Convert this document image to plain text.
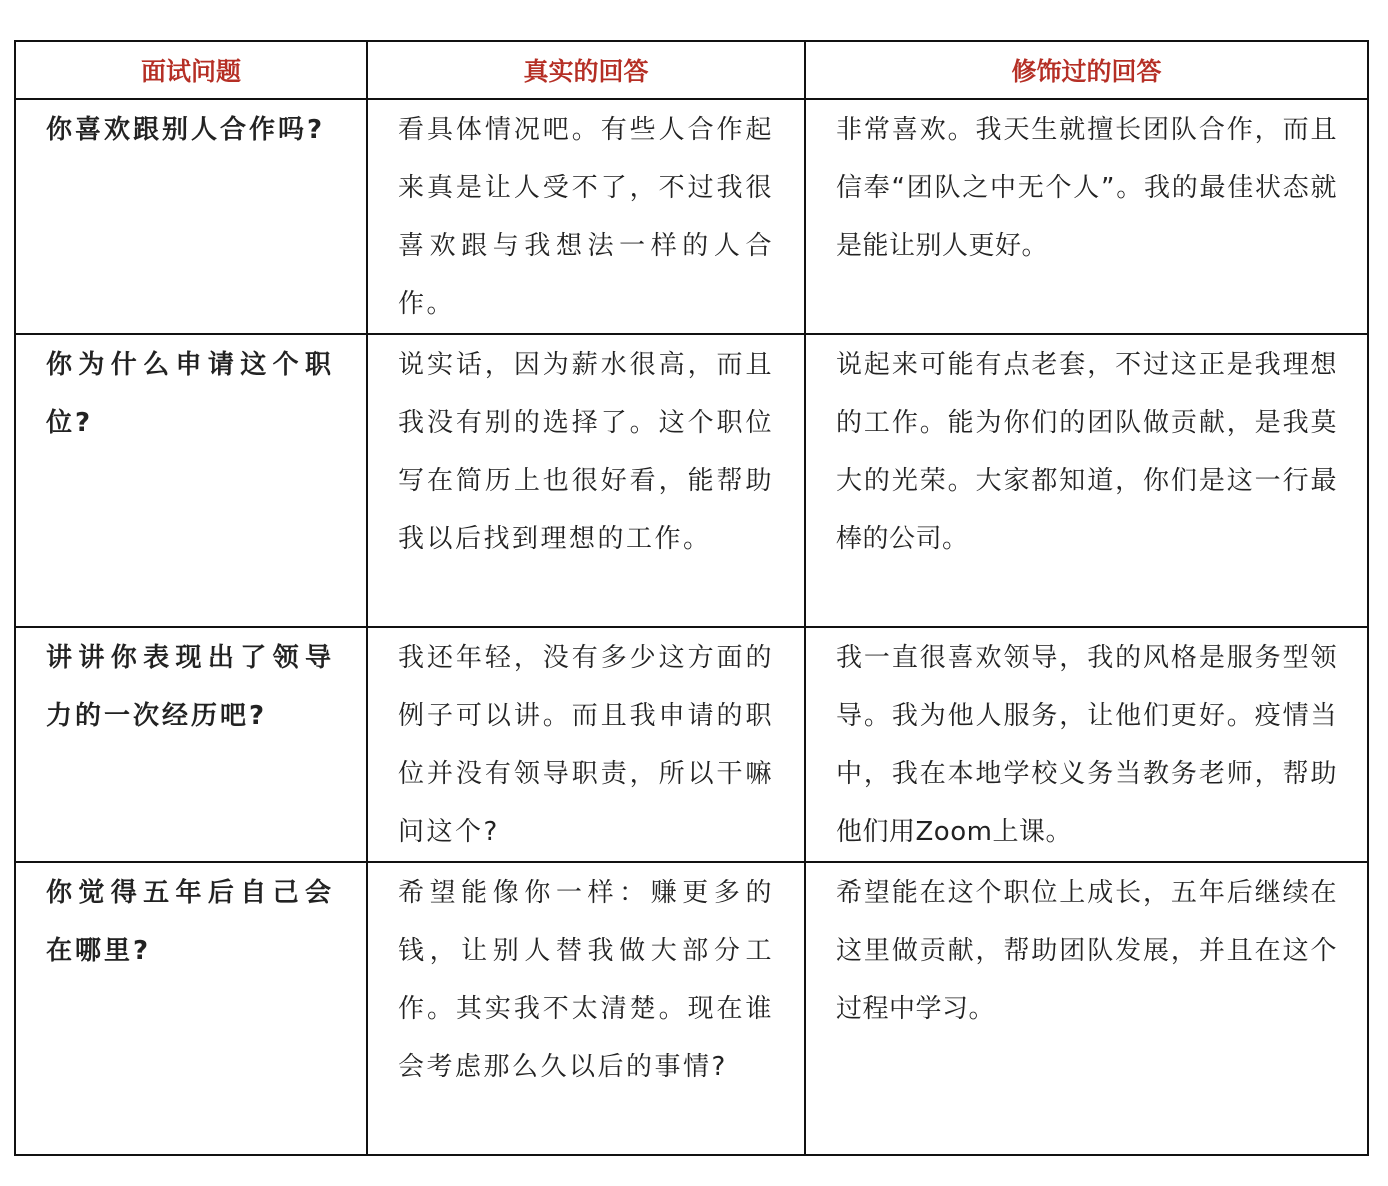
面试问题	真实的回答	修饰过的回答

你喜欢跟别人合作吗?	看具体情况吧。有些人合作起来真是让人受不了，不过我很喜欢跟与我想法一样的人合作。	非常喜欢。我天生就擅长团队合作，而且信奉“团队之中无个人”。我的最佳状态就是能让别人更好。

你为什么申请这个职位?	说实话，因为薪水很高，而且我没有别的选择了。这个职位写在简历上也很好看，能帮助我以后找到理想的工作。	说起来可能有点老套，不过这正是我理想的工作。能为你们的团队做贡献，是我莫大的光荣。大家都知道，你们是这一行最棒的公司。

讲讲你表现出了领导力的一次经历吧?	我还年轻，没有多少这方面的例子可以讲。而且我申请的职位并没有领导职责，所以干嘛问这个?	我一直很喜欢领导，我的风格是服务型领导。我为他人服务，让他们更好。疫情当中，我在本地学校义务当教务老师，帮助他们用Zoom上课。

你觉得五年后自己会在哪里?	希望能像你一样：赚更多的钱，让别人替我做大部分工作。其实我不太清楚。现在谁会考虑那么久以后的事情?	希望能在这个职位上成长，五年后继续在这里做贡献，帮助团队发展，并且在这个过程中学习。
